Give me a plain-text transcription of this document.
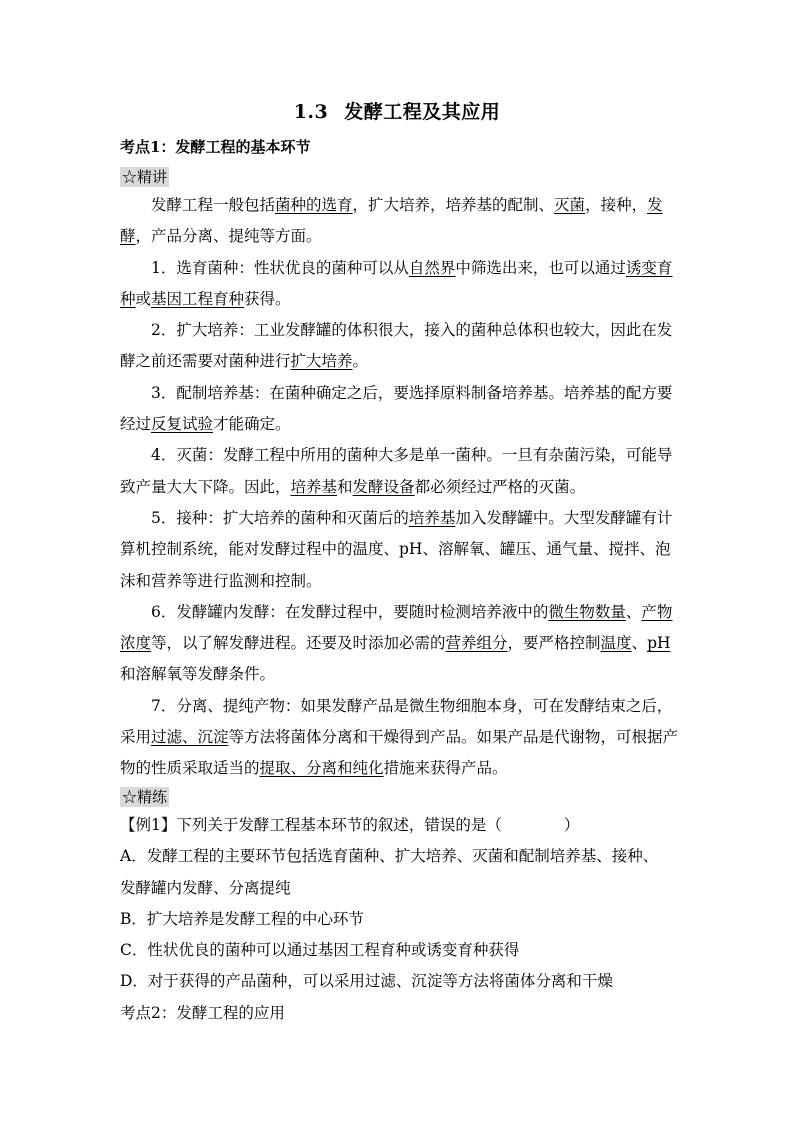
1.3 发酵工程及其应用
考点1：发酵工程的基本环节
☆精讲

发酵工程一般包括菌种的选育，扩大培养，培养基的配制、灭菌，接种，发酵，产品分离、提纯等方面。

1．选育菌种：性状优良的菌种可以从自然界中筛选出来，也可以通过诱变育种或基因工程育种获得。

2．扩大培养：工业发酵罐的体积很大，接入的菌种总体积也较大，因此在发酵之前还需要对菌种进行扩大培养。

3．配制培养基：在菌种确定之后，要选择原料制备培养基。培养基的配方要经过反复试验才能确定。

4．灭菌：发酵工程中所用的菌种大多是单一菌种。一旦有杂菌污染，可能导致产量大大下降。因此，培养基和发酵设备都必须经过严格的灭菌。

5．接种：扩大培养的菌种和灭菌后的培养基加入发酵罐中。大型发酵罐有计算机控制系统，能对发酵过程中的温度、pH、溶解氧、罐压、通气量、搅拌、泡沫和营养等进行监测和控制。

6．发酵罐内发酵：在发酵过程中，要随时检测培养液中的微生物数量、产物浓度等，以了解发酵进程。还要及时添加必需的营养组分，要严格控制温度、pH和溶解氧等发酵条件。

7．分离、提纯产物：如果发酵产品是微生物细胞本身，可在发酵结束之后，采用过滤、沉淀等方法将菌体分离和干燥得到产品。如果产品是代谢物，可根据产物的性质采取适当的提取、分离和纯化措施来获得产品。

☆精练
【例1】下列关于发酵工程基本环节的叙述，错误的是（　　　　）
A．发酵工程的主要环节包括选育菌种、扩大培养、灭菌和配制培养基、接种、
发酵罐内发酵、分离提纯
B．扩大培养是发酵工程的中心环节
C．性状优良的菌种可以通过基因工程育种或诱变育种获得
D．对于获得的产品菌种，可以采用过滤、沉淀等方法将菌体分离和干燥
考点2：发酵工程的应用
